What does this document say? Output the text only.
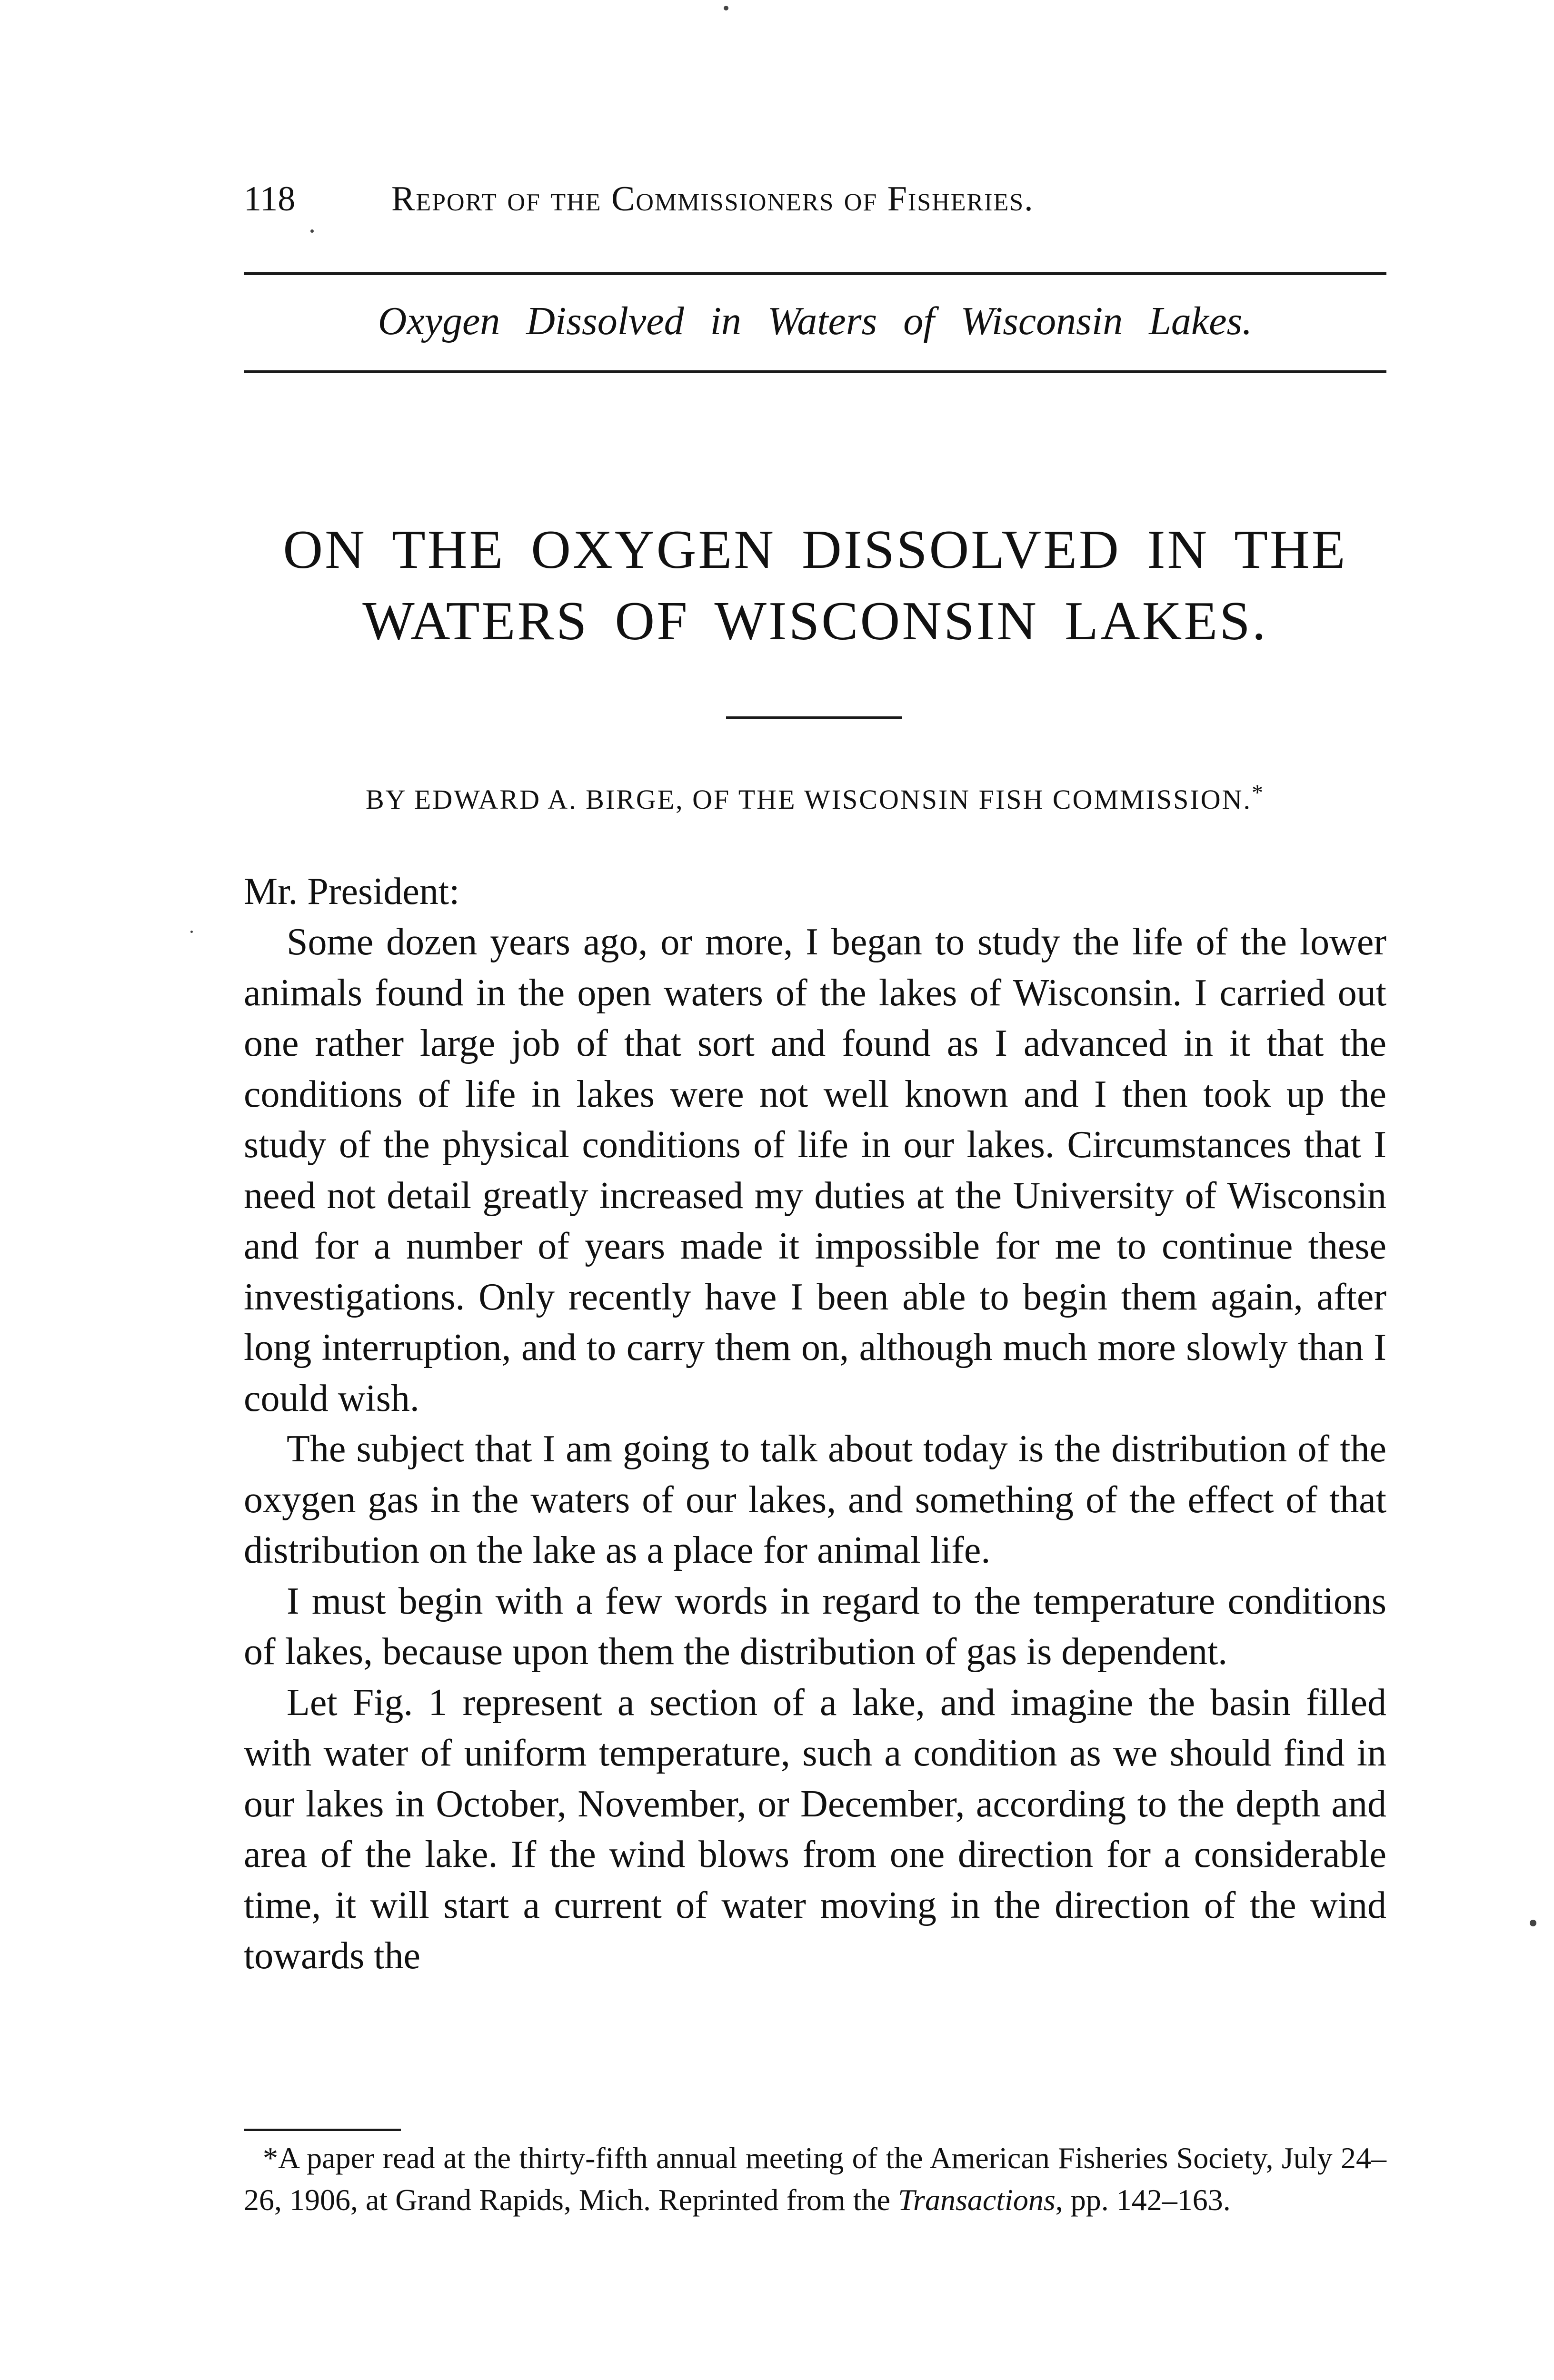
118	Report of the Commissioners of Fisheries.
Oxygen Dissolved in Waters of Wisconsin Lakes.
ON THE OXYGEN DISSOLVED IN THE
WATERS OF WISCONSIN LAKES.
BY EDWARD A. BIRGE, OF THE WISCONSIN FISH COMMISSION.*
Mr. President:

Some dozen years ago, or more, I began to study the life of the lower animals found in the open waters of the lakes of Wisconsin. I carried out one rather large job of that sort and found as I advanced in it that the conditions of life in lakes were not well known and I then took up the study of the physical conditions of life in our lakes. Circumstances that I need not detail greatly increased my duties at the University of Wisconsin and for a number of years made it impossible for me to continue these investigations. Only recently have I been able to begin them again, after long interruption, and to carry them on, although much more slowly than I could wish.

The subject that I am going to talk about today is the distribution of the oxygen gas in the waters of our lakes, and something of the effect of that distribution on the lake as a place for animal life.

I must begin with a few words in regard to the temperature conditions of lakes, because upon them the distribution of gas is dependent.

Let Fig. 1 represent a section of a lake, and imagine the basin filled with water of uniform temperature, such a condition as we should find in our lakes in October, November, or December, according to the depth and area of the lake. If the wind blows from one direction for a considerable time, it will start a current of water moving in the direction of the wind towards the

*A paper read at the thirty-fifth annual meeting of the American Fisheries Society, July 24–26, 1906, at Grand Rapids, Mich. Reprinted from the Transactions, pp. 142–163.
